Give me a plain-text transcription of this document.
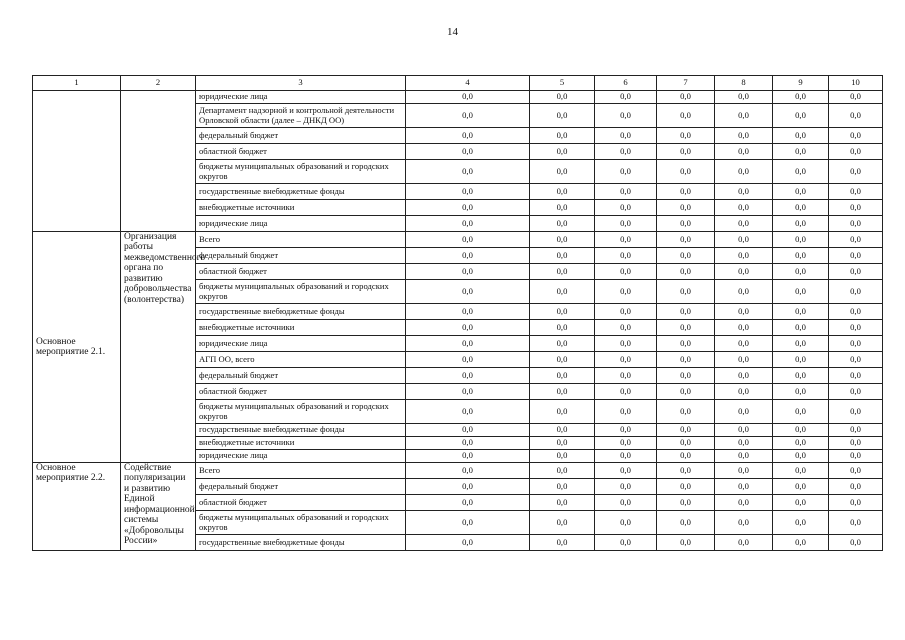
14
1	2	3	4	5	6	7	8	9	10
		юридические лица	0,0	0,0	0,0	0,0	0,0	0,0	0,0
		Департамент надзорной и контрольной деятельности Орловской области (далее – ДНКД ОО)	0,0	0,0	0,0	0,0	0,0	0,0	0,0
		федеральный бюджет	0,0	0,0	0,0	0,0	0,0	0,0	0,0
		областной бюджет	0,0	0,0	0,0	0,0	0,0	0,0	0,0
		бюджеты муниципальных образований и городских округов	0,0	0,0	0,0	0,0	0,0	0,0	0,0
		государственные внебюджетные фонды	0,0	0,0	0,0	0,0	0,0	0,0	0,0
		внебюджетные источники	0,0	0,0	0,0	0,0	0,0	0,0	0,0
		юридические лица	0,0	0,0	0,0	0,0	0,0	0,0	0,0
Основное мероприятие 2.1.	Организация работы межведомственного органа по развитию добровольчества (волонтерства)	Всего	0,0	0,0	0,0	0,0	0,0	0,0	0,0
		федеральный бюджет	0,0	0,0	0,0	0,0	0,0	0,0	0,0
		областной бюджет	0,0	0,0	0,0	0,0	0,0	0,0	0,0
		бюджеты муниципальных образований и городских округов	0,0	0,0	0,0	0,0	0,0	0,0	0,0
		государственные внебюджетные фонды	0,0	0,0	0,0	0,0	0,0	0,0	0,0
		внебюджетные источники	0,0	0,0	0,0	0,0	0,0	0,0	0,0
		юридические лица	0,0	0,0	0,0	0,0	0,0	0,0	0,0
		АГП ОО, всего	0,0	0,0	0,0	0,0	0,0	0,0	0,0
		федеральный бюджет	0,0	0,0	0,0	0,0	0,0	0,0	0,0
		областной бюджет	0,0	0,0	0,0	0,0	0,0	0,0	0,0
		бюджеты муниципальных образований и городских округов	0,0	0,0	0,0	0,0	0,0	0,0	0,0
		государственные внебюджетные фонды	0,0	0,0	0,0	0,0	0,0	0,0	0,0
		внебюджетные источники	0,0	0,0	0,0	0,0	0,0	0,0	0,0
		юридические лица	0,0	0,0	0,0	0,0	0,0	0,0	0,0
Основное мероприятие 2.2.	Содействие популяризации и развитию Единой информационной системы «Добровольцы России»	Всего	0,0	0,0	0,0	0,0	0,0	0,0	0,0
		федеральный бюджет	0,0	0,0	0,0	0,0	0,0	0,0	0,0
		областной бюджет	0,0	0,0	0,0	0,0	0,0	0,0	0,0
		бюджеты муниципальных образований и городских округов	0,0	0,0	0,0	0,0	0,0	0,0	0,0
		государственные внебюджетные фонды	0,0	0,0	0,0	0,0	0,0	0,0	0,0
